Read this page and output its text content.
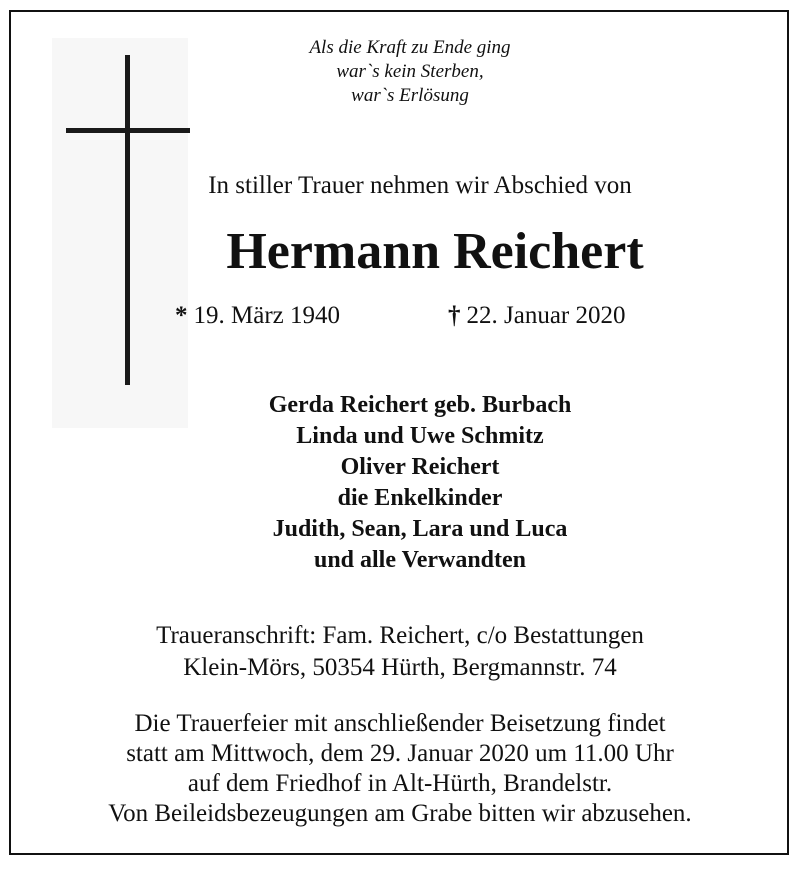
Als die Kraft zu Ende ging
war`s kein Sterben,
war`s Erlösung
In stiller Trauer nehmen wir Abschied von
Hermann Reichert
* 19. März 1940	† 22. Januar 2020
Gerda Reichert geb. Burbach
Linda und Uwe Schmitz
Oliver Reichert
die Enkelkinder
Judith, Sean, Lara und Luca
und alle Verwandten
Traueranschrift: Fam. Reichert, c/o Bestattungen
Klein-Mörs, 50354 Hürth, Bergmannstr. 74
Die Trauerfeier mit anschließender Beisetzung findet
statt am Mittwoch, dem 29. Januar 2020 um 11.00 Uhr
auf dem Friedhof in Alt-Hürth, Brandelstr.
Von Beileidsbezeugungen am Grabe bitten wir abzusehen.
